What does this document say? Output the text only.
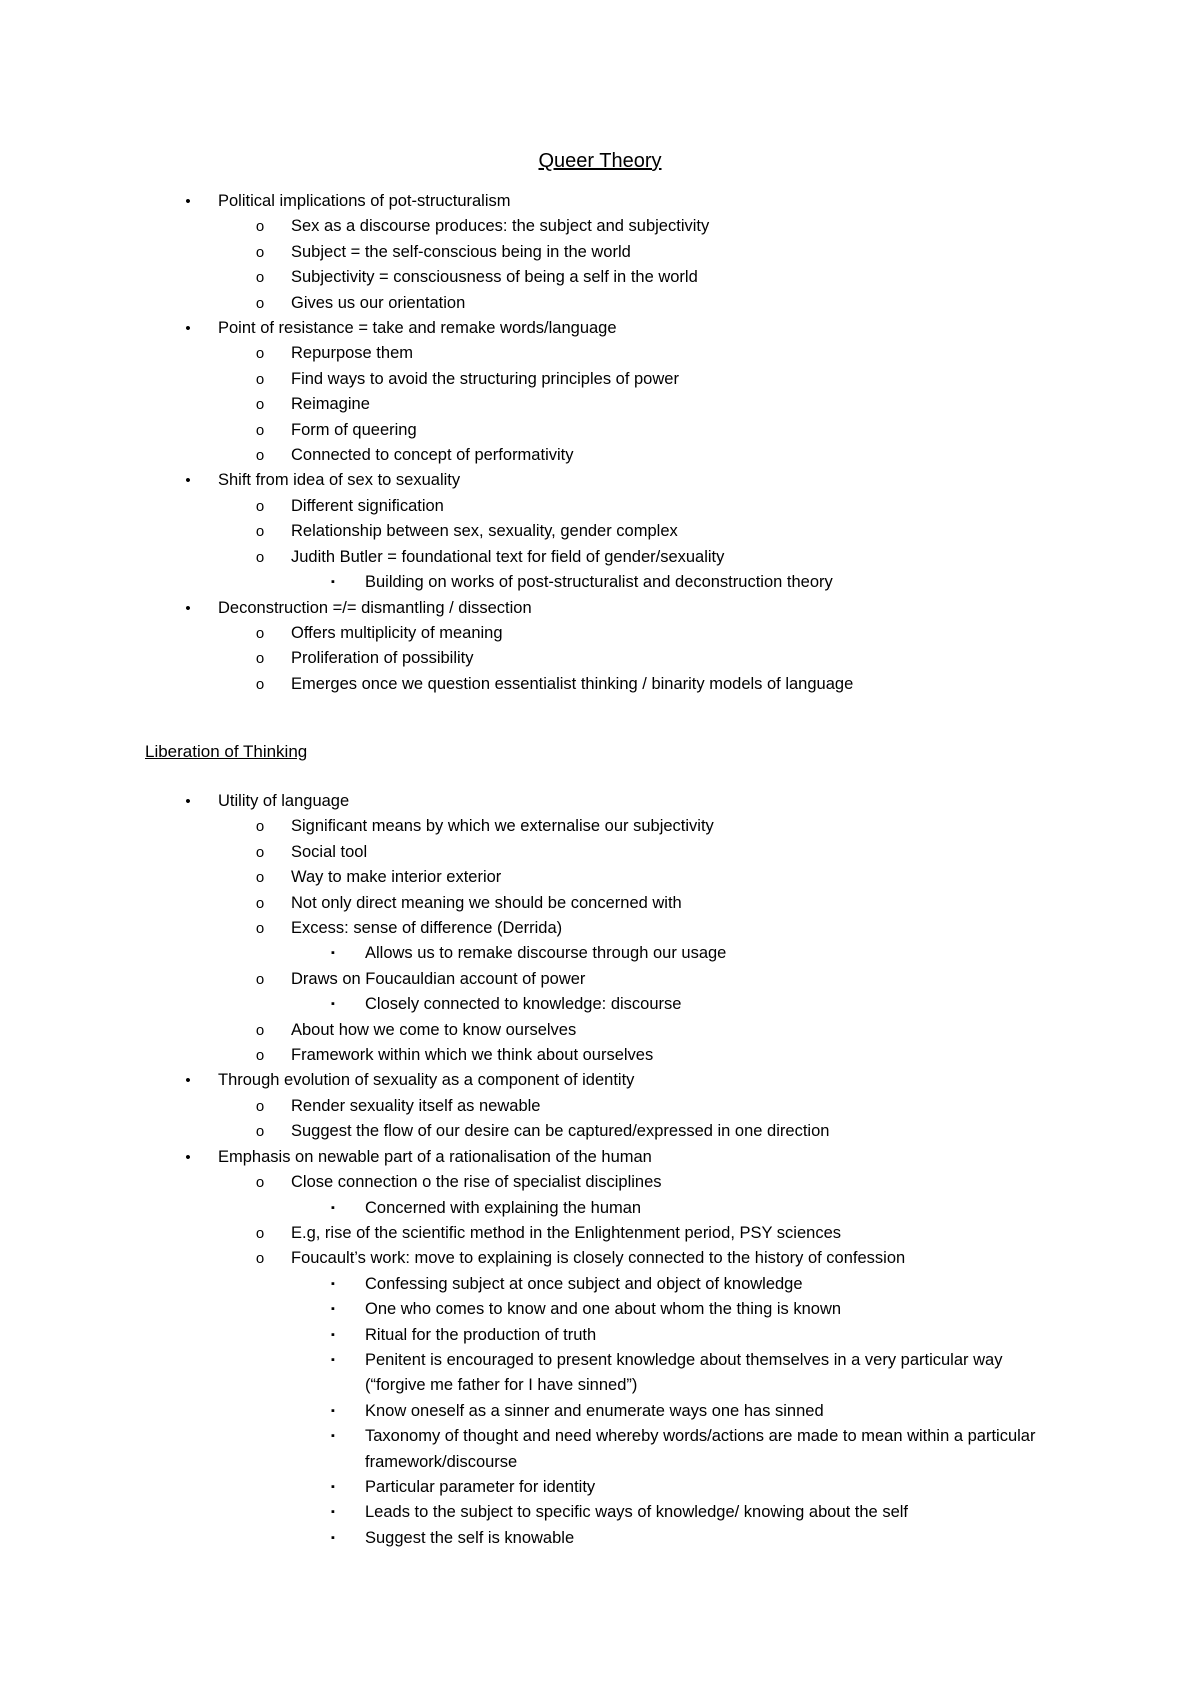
Queer Theory
•	Political implications of pot-structuralism
o	Sex as a discourse produces: the subject and subjectivity
o	Subject = the self-conscious being in the world
o	Subjectivity = consciousness of being a self in the world
o	Gives us our orientation
•	Point of resistance = take and remake words/language
o	Repurpose them
o	Find ways to avoid the structuring principles of power
o	Reimagine
o	Form of queering
o	Connected to concept of performativity
•	Shift from idea of sex to sexuality
o	Different signification
o	Relationship between sex, sexuality, gender complex
o	Judith Butler = foundational text for field of gender/sexuality
▪	Building on works of post-structuralist and deconstruction theory
•	Deconstruction =/= dismantling / dissection
o	Offers multiplicity of meaning
o	Proliferation of possibility
o	Emerges once we question essentialist thinking / binarity models of language
Liberation of Thinking
•	Utility of language
o	Significant means by which we externalise our subjectivity
o	Social tool
o	Way to make interior exterior
o	Not only direct meaning we should be concerned with
o	Excess: sense of difference (Derrida)
▪	Allows us to remake discourse through our usage
o	Draws on Foucauldian account of power
▪	Closely connected to knowledge: discourse
o	About how we come to know ourselves
o	Framework within which we think about ourselves
•	Through evolution of sexuality as a component of identity
o	Render sexuality itself as newable
o	Suggest the flow of our desire can be captured/expressed in one direction
•	Emphasis on newable part of a rationalisation of the human
o	Close connection o the rise of specialist disciplines
▪	Concerned with explaining the human
o	E.g, rise of the scientific method in the Enlightenment period, PSY sciences
o	Foucault’s work: move to explaining is closely connected to the history of confession
▪	Confessing subject at once subject and object of knowledge
▪	One who comes to know and one about whom the thing is known
▪	Ritual for the production of truth
▪	Penitent is encouraged to present knowledge about themselves in a very particular way (“forgive me father for I have sinned”)
▪	Know oneself as a sinner and enumerate ways one has sinned
▪	Taxonomy of thought and need whereby words/actions are made to mean within a particular framework/discourse
▪	Particular parameter for identity
▪	Leads to the subject to specific ways of knowledge/ knowing about the self
▪	Suggest the self is knowable
